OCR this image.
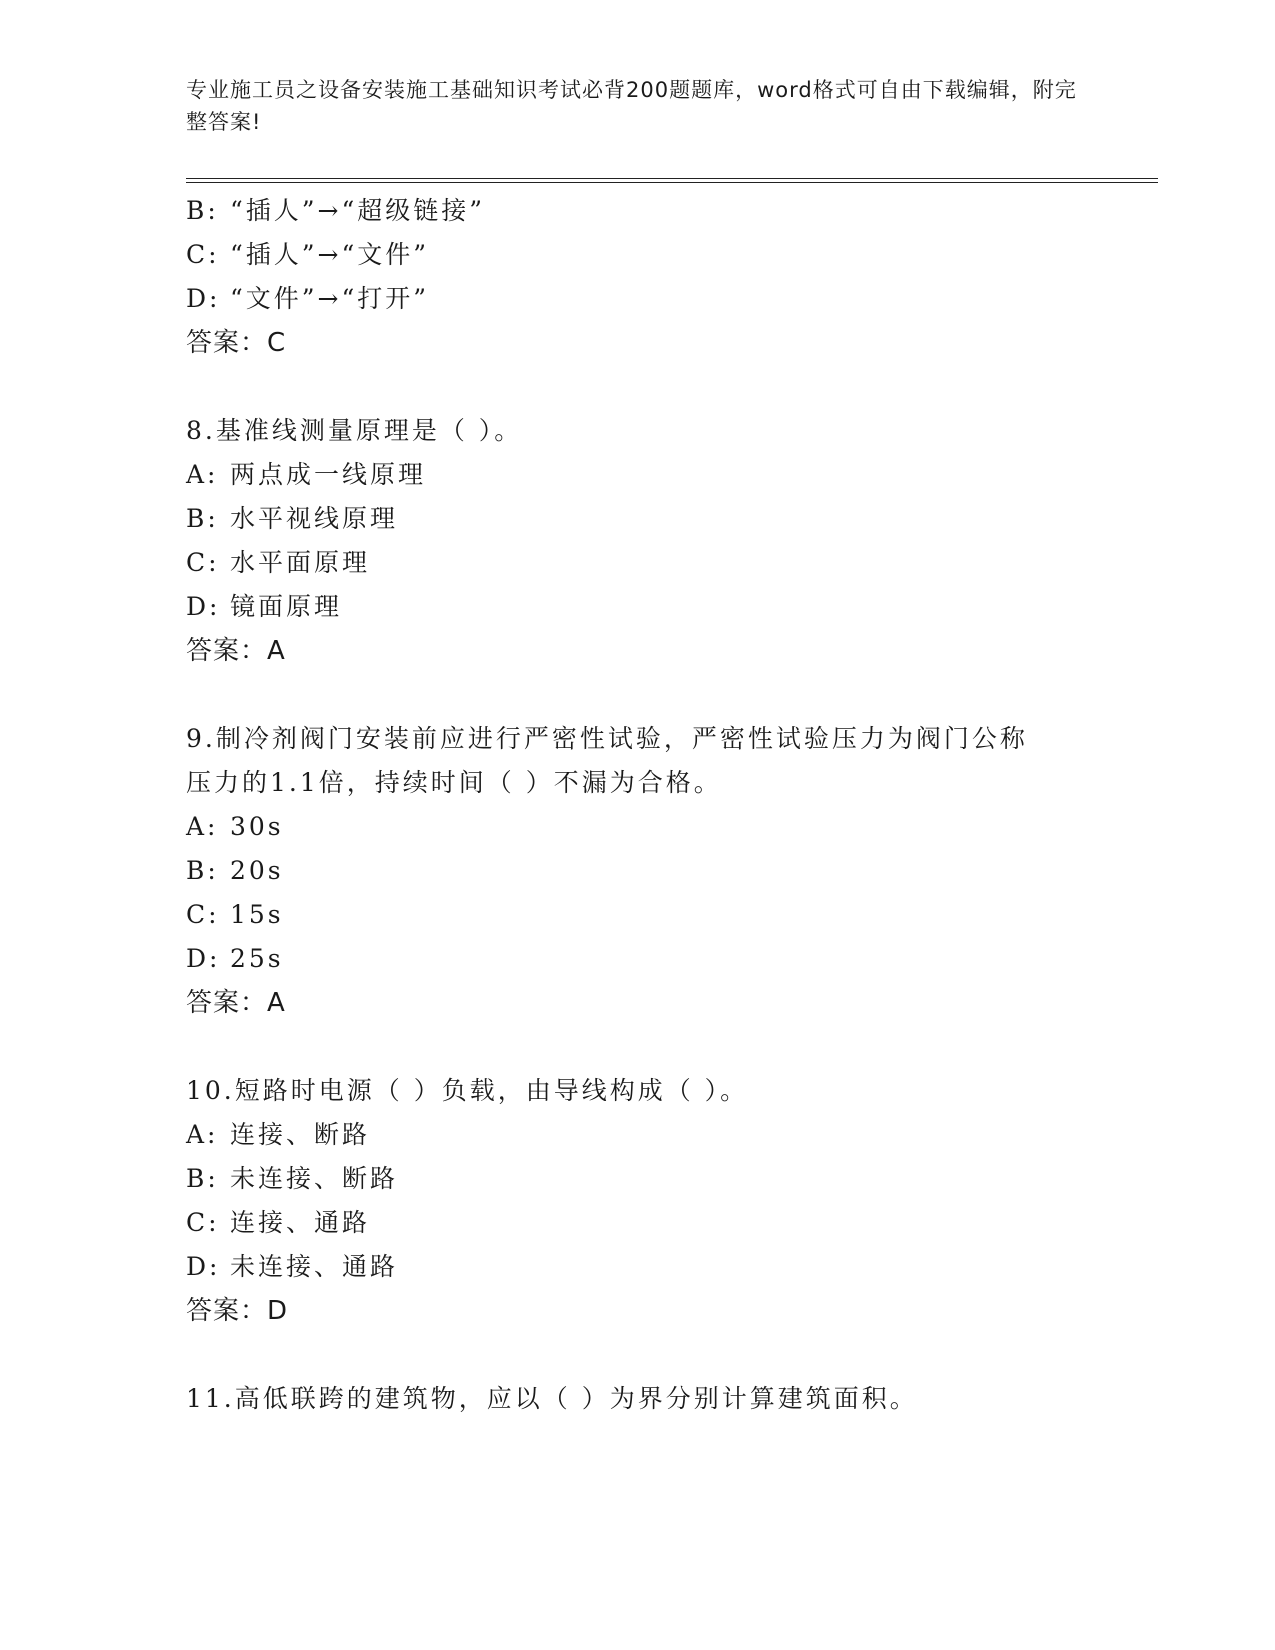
专业施工员之设备安装施工基础知识考试必背200题题库，word格式可自由下载编辑，附完整答案!
B: “插人”→“超级链接”
C: “插人”→“文件”
D: “文件”→“打开”
答案：C
8.基准线测量原理是（ ）。
A: 两点成一线原理
B: 水平视线原理
C: 水平面原理
D: 镜面原理
答案：A
9.制冷剂阀门安装前应进行严密性试验，严密性试验压力为阀门公称
压力的1.1倍，持续时间（ ）不漏为合格。
A: 30s
B: 20s
C: 15s
D: 25s
答案：A
10.短路时电源（ ）负载，由导线构成（ ）。
A: 连接、断路
B: 未连接、断路
C: 连接、通路
D: 未连接、通路
答案：D
11.高低联跨的建筑物，应以（ ）为界分别计算建筑面积。
